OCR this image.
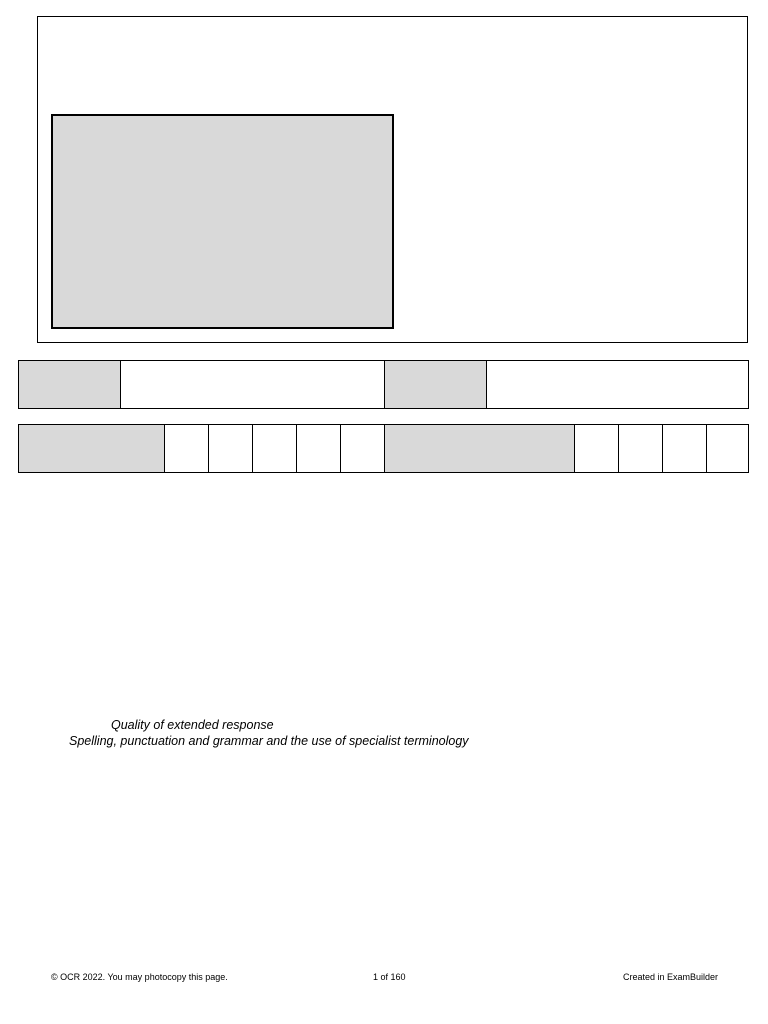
Quality of extended response
Spelling, punctuation and grammar and the use of specialist terminology
© OCR 2022. You may photocopy this page.	1 of 160	Created in ExamBuilder
